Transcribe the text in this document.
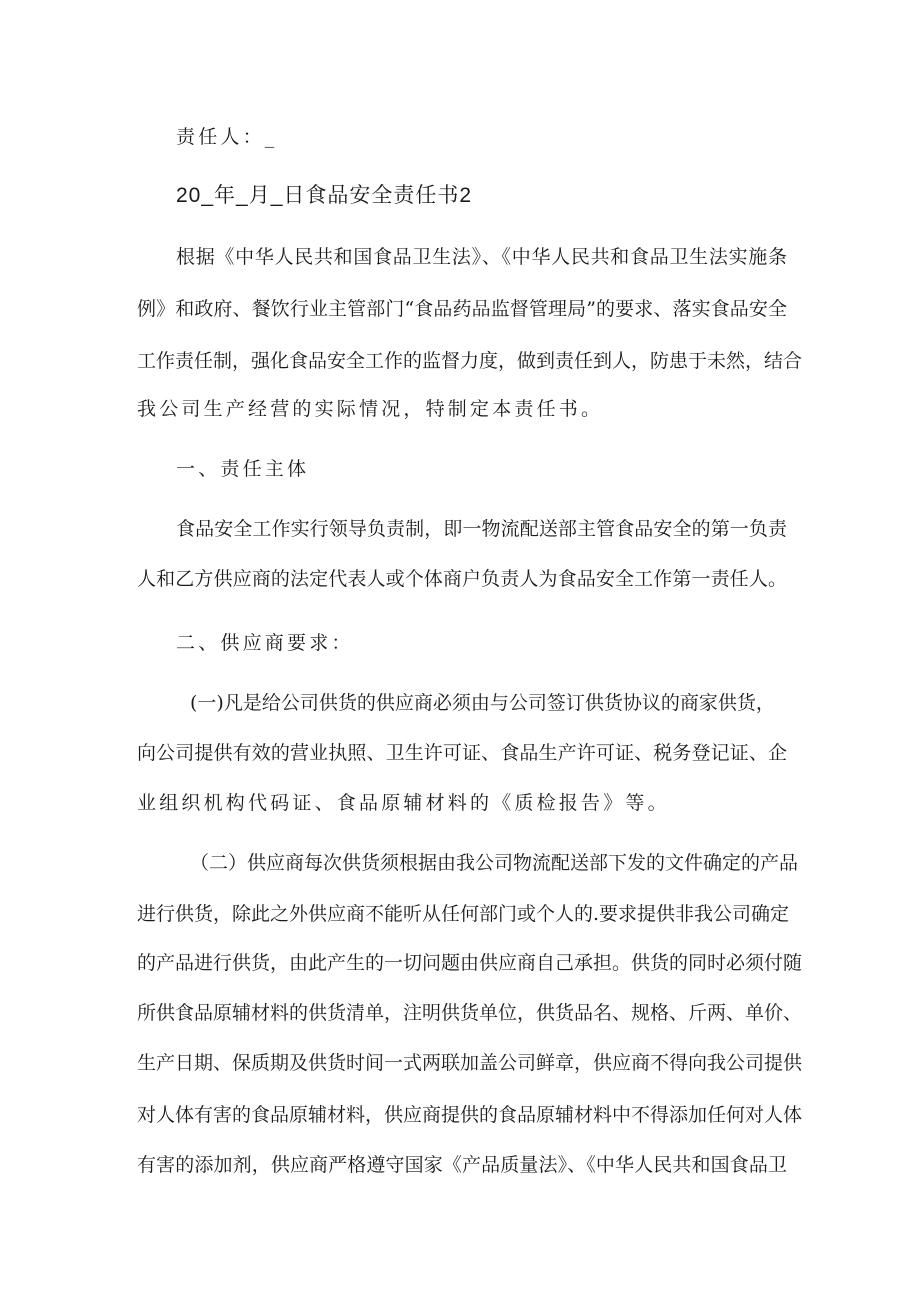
责任人：_
20_年_月_日食品安全责任书2
根据《中华人民共和国食品卫生法》、《中华人民共和食品卫生法实施条
例》和政府、餐饮行业主管部门“食品药品监督管理局”的要求、落实食品安全
工作责任制，强化食品安全工作的监督力度，做到责任到人，防患于未然，结合
我公司生产经营的实际情况，特制定本责任书。
一、责任主体
食品安全工作实行领导负责制，即一物流配送部主管食品安全的第一负责
人和乙方供应商的法定代表人或个体商户负责人为食品安全工作第一责任人。
二、供应商要求：
(一)凡是给公司供货的供应商必须由与公司签订供货协议的商家供货，
向公司提供有效的营业执照、卫生许可证、食品生产许可证、税务登记证、企
业组织机构代码证、食品原辅材料的《质检报告》等。
（二）供应商每次供货须根据由我公司物流配送部下发的文件确定的产品
进行供货，除此之外供应商不能听从任何部门或个人的.要求提供非我公司确定
的产品进行供货，由此产生的一切问题由供应商自己承担。供货的同时必须付随
所供食品原辅材料的供货清单，注明供货单位，供货品名、规格、斤两、单价、
生产日期、保质期及供货时间一式两联加盖公司鲜章，供应商不得向我公司提供
对人体有害的食品原辅材料，供应商提供的食品原辅材料中不得添加任何对人体
有害的添加剂，供应商严格遵守国家《产品质量法》、《中华人民共和国食品卫
